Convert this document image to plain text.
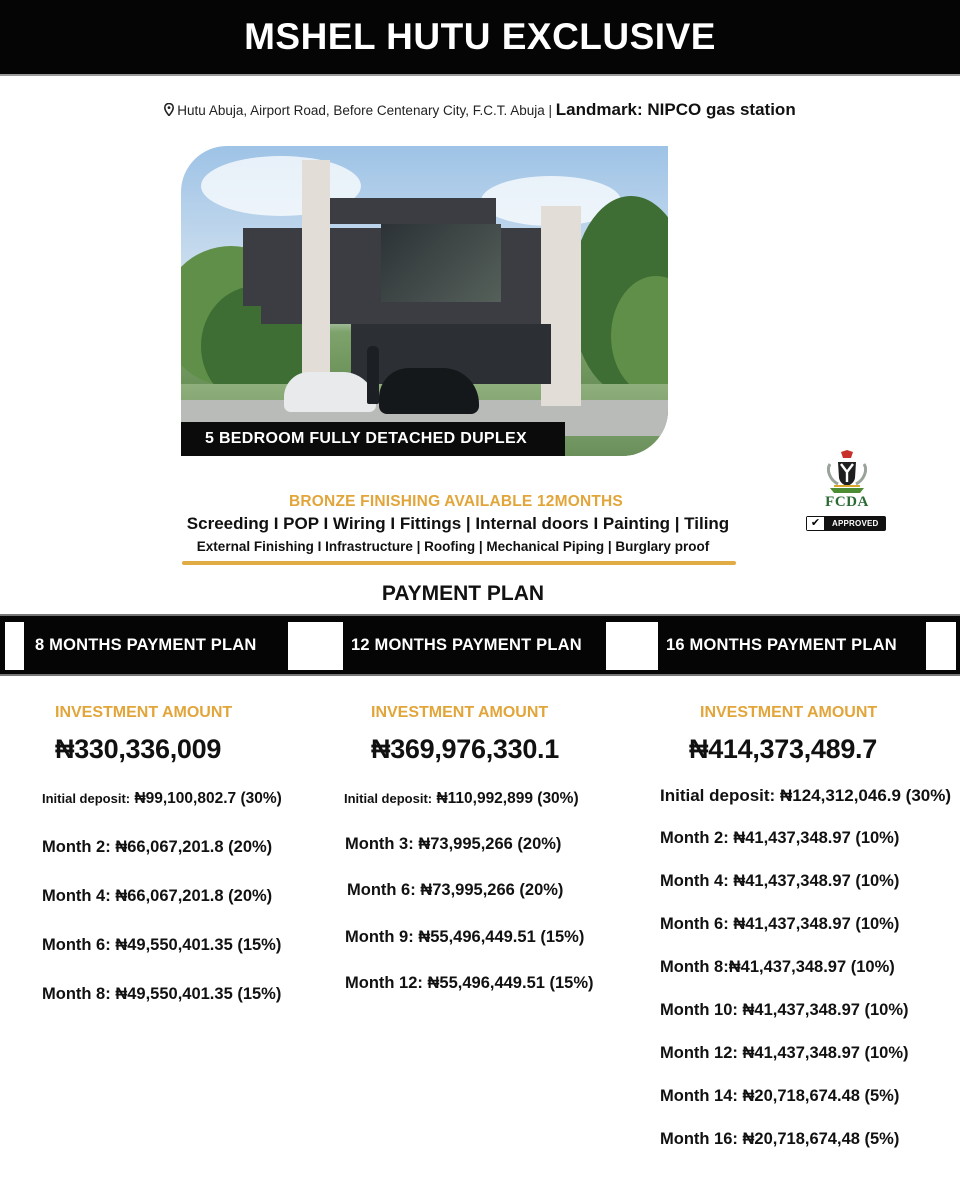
MSHEL HUTU EXCLUSIVE
Hutu Abuja, Airport Road, Before Centenary City, F.C.T. Abuja | Landmark: NIPCO gas station
5 BEDROOM FULLY DETACHED DUPLEX
FCDA
✔	APPROVED
BRONZE FINISHING AVAILABLE 12MONTHS
Screeding I POP I Wiring I Fittings | Internal doors I Painting | Tiling
External Finishing I Infrastructure | Roofing | Mechanical Piping | Burglary proof
PAYMENT PLAN
8 MONTHS PAYMENT PLAN	12 MONTHS PAYMENT PLAN	16 MONTHS PAYMENT PLAN
INVESTMENT AMOUNT
₦330,336,009
Initial deposit: ₦99,100,802.7 (30%)
Month 2: ₦66,067,201.8 (20%)
Month 4: ₦66,067,201.8 (20%)
Month 6: ₦49,550,401.35 (15%)
Month 8: ₦49,550,401.35 (15%)
INVESTMENT AMOUNT
₦369,976,330.1
Initial deposit: ₦110,992,899 (30%)
Month 3: ₦73,995,266 (20%)
Month 6: ₦73,995,266 (20%)
Month 9: ₦55,496,449.51 (15%)
Month 12: ₦55,496,449.51 (15%)
INVESTMENT AMOUNT
₦414,373,489.7
Initial deposit: ₦124,312,046.9 (30%)
Month 2: ₦41,437,348.97 (10%)
Month 4: ₦41,437,348.97 (10%)
Month 6: ₦41,437,348.97 (10%)
Month 8:₦41,437,348.97 (10%)
Month 10: ₦41,437,348.97 (10%)
Month 12: ₦41,437,348.97 (10%)
Month 14: ₦20,718,674.48 (5%)
Month 16: ₦20,718,674,48 (5%)
